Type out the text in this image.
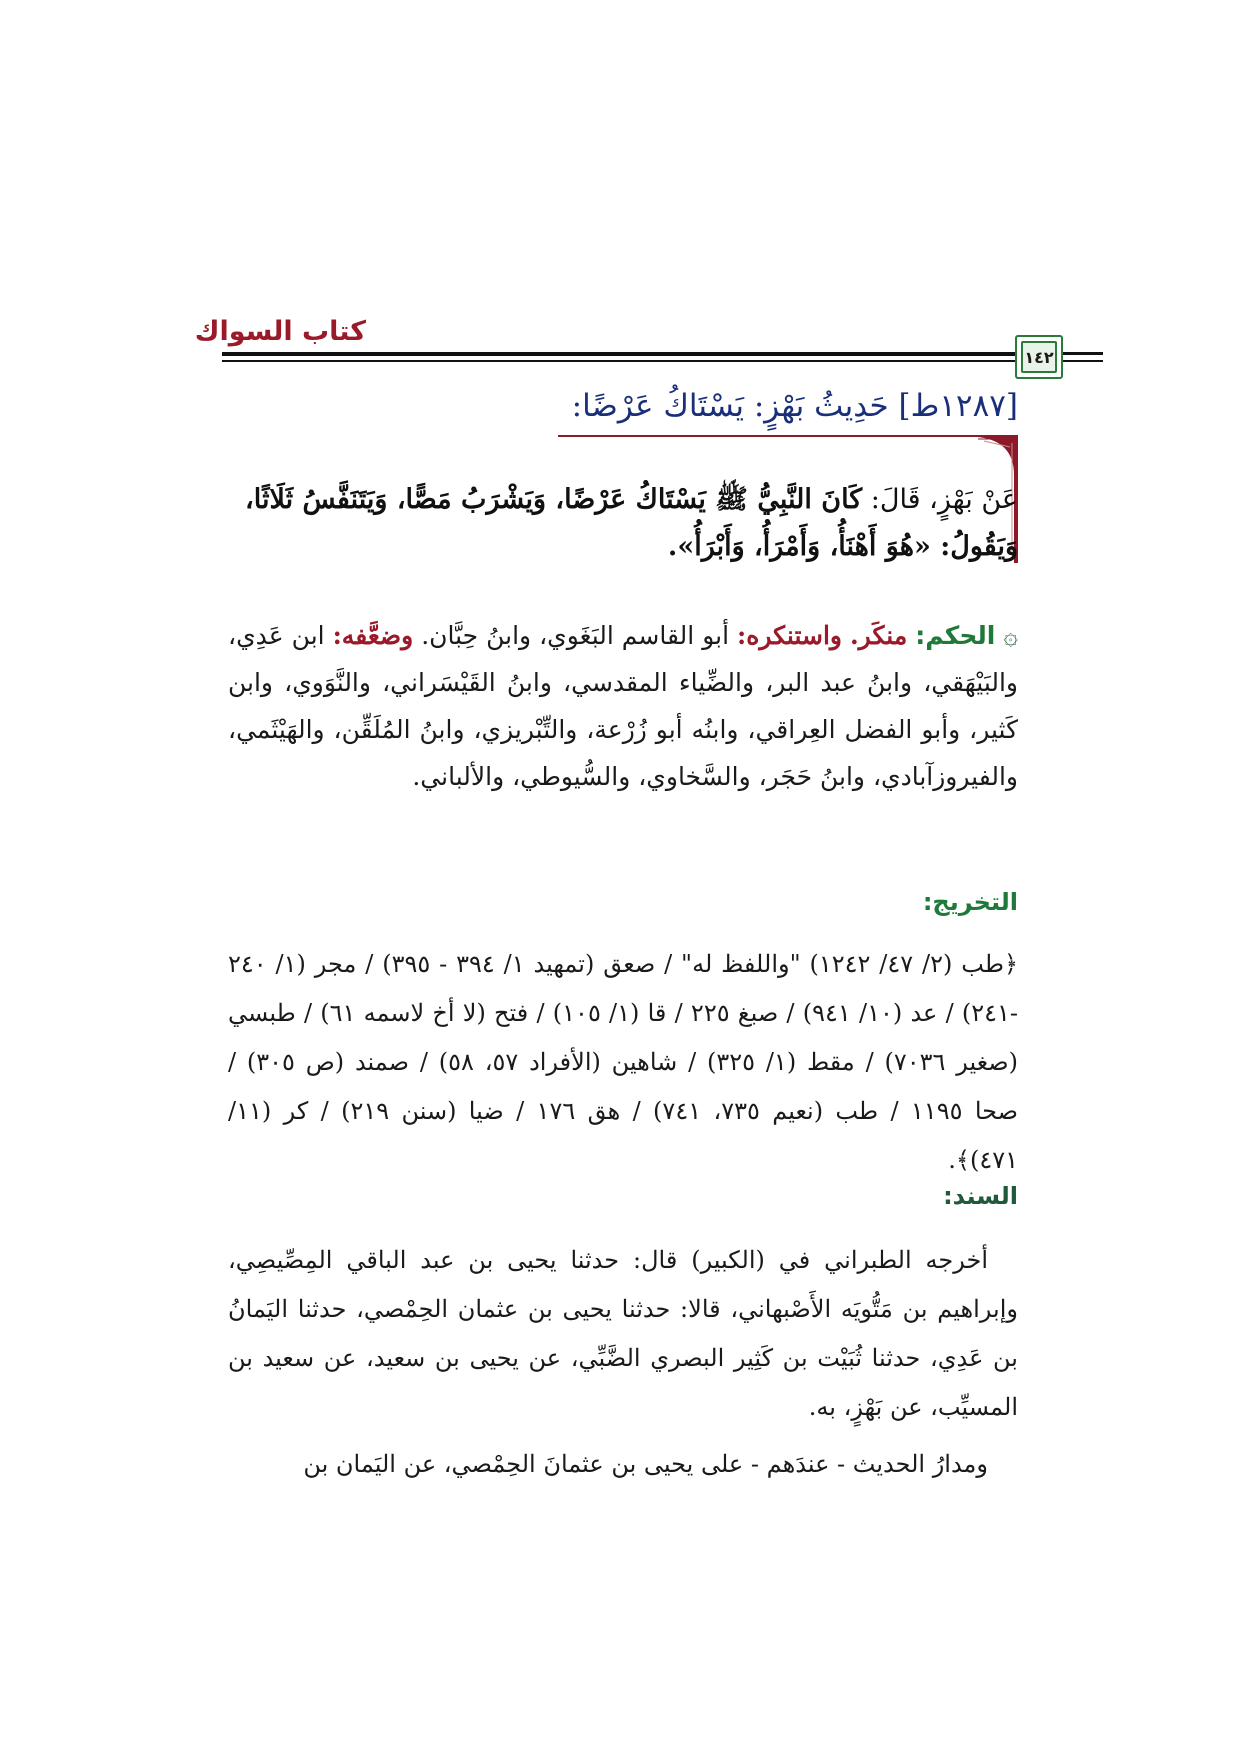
كتاب السواك
١٤٢
[١٢٨٧ط] حَدِيثُ بَهْزٍ: يَسْتَاكُ عَرْضًا:
عَنْ بَهْزٍ، قَالَ: كَانَ النَّبِيُّ ﷺ يَسْتَاكُ عَرْضًا، وَيَشْرَبُ مَصًّا، وَيَتَنَفَّسُ ثَلَاثًا، وَيَقُولُ: «هُوَ أَهْنَأُ، وَأَمْرَأُ، وَأَبْرَأُ».
۞ الحكم: منكَر. واستنكره: أبو القاسم البَغَوي، وابنُ حِبَّان. وضعَّفه: ابن عَدِي، والبَيْهَقي، وابنُ عبد البر، والضِّياء المقدسي، وابنُ القَيْسَراني، والنَّوَوي، وابن كَثير، وأبو الفضل العِراقي، وابنُه أبو زُرْعة، والتِّبْريزي، وابنُ المُلَقِّن، والهَيْثَمي، والفيروزآبادي، وابنُ حَجَر، والسَّخاوي، والسُّيوطي، والألباني.
التخريج:
﴿طب (٢/ ٤٧/ ١٢٤٢) "واللفظ له" / صعق (تمهيد ١/ ٣٩٤ - ٣٩٥) / مجر (١/ ٢٤٠ -٢٤١) / عد (١٠/ ٩٤١) / صبغ ٢٢٥ / قا (١/ ١٠٥) / فتح (لا أخ لاسمه ٦١) / طبسي (صغير ٧٠٣٦) / مقط (١/ ٣٢٥) / شاهين (الأفراد ٥٧، ٥٨) / صمند (ص ٣٠٥) / صحا ١١٩٥ / طب (نعيم ٧٣٥، ٧٤١) / هق ١٧٦ / ضيا (سنن ٢١٩) / كر (١١/ ٤٧١)﴾.
السند:
أخرجه الطبراني في (الكبير) قال: حدثنا يحيى بن عبد الباقي المِصِّيصِي، وإبراهيم بن مَتُّويَه الأَصْبهاني، قالا: حدثنا يحيى بن عثمان الحِمْصي، حدثنا اليَمانُ بن عَدِي، حدثنا ثُبَيْت بن كَثِير البصري الضَّبِّي، عن يحيى بن سعيد، عن سعيد بن المسيِّب، عن بَهْزٍ، به.
ومدارُ الحديث - عندَهم - على يحيى بن عثمانَ الحِمْصي، عن اليَمان بن
